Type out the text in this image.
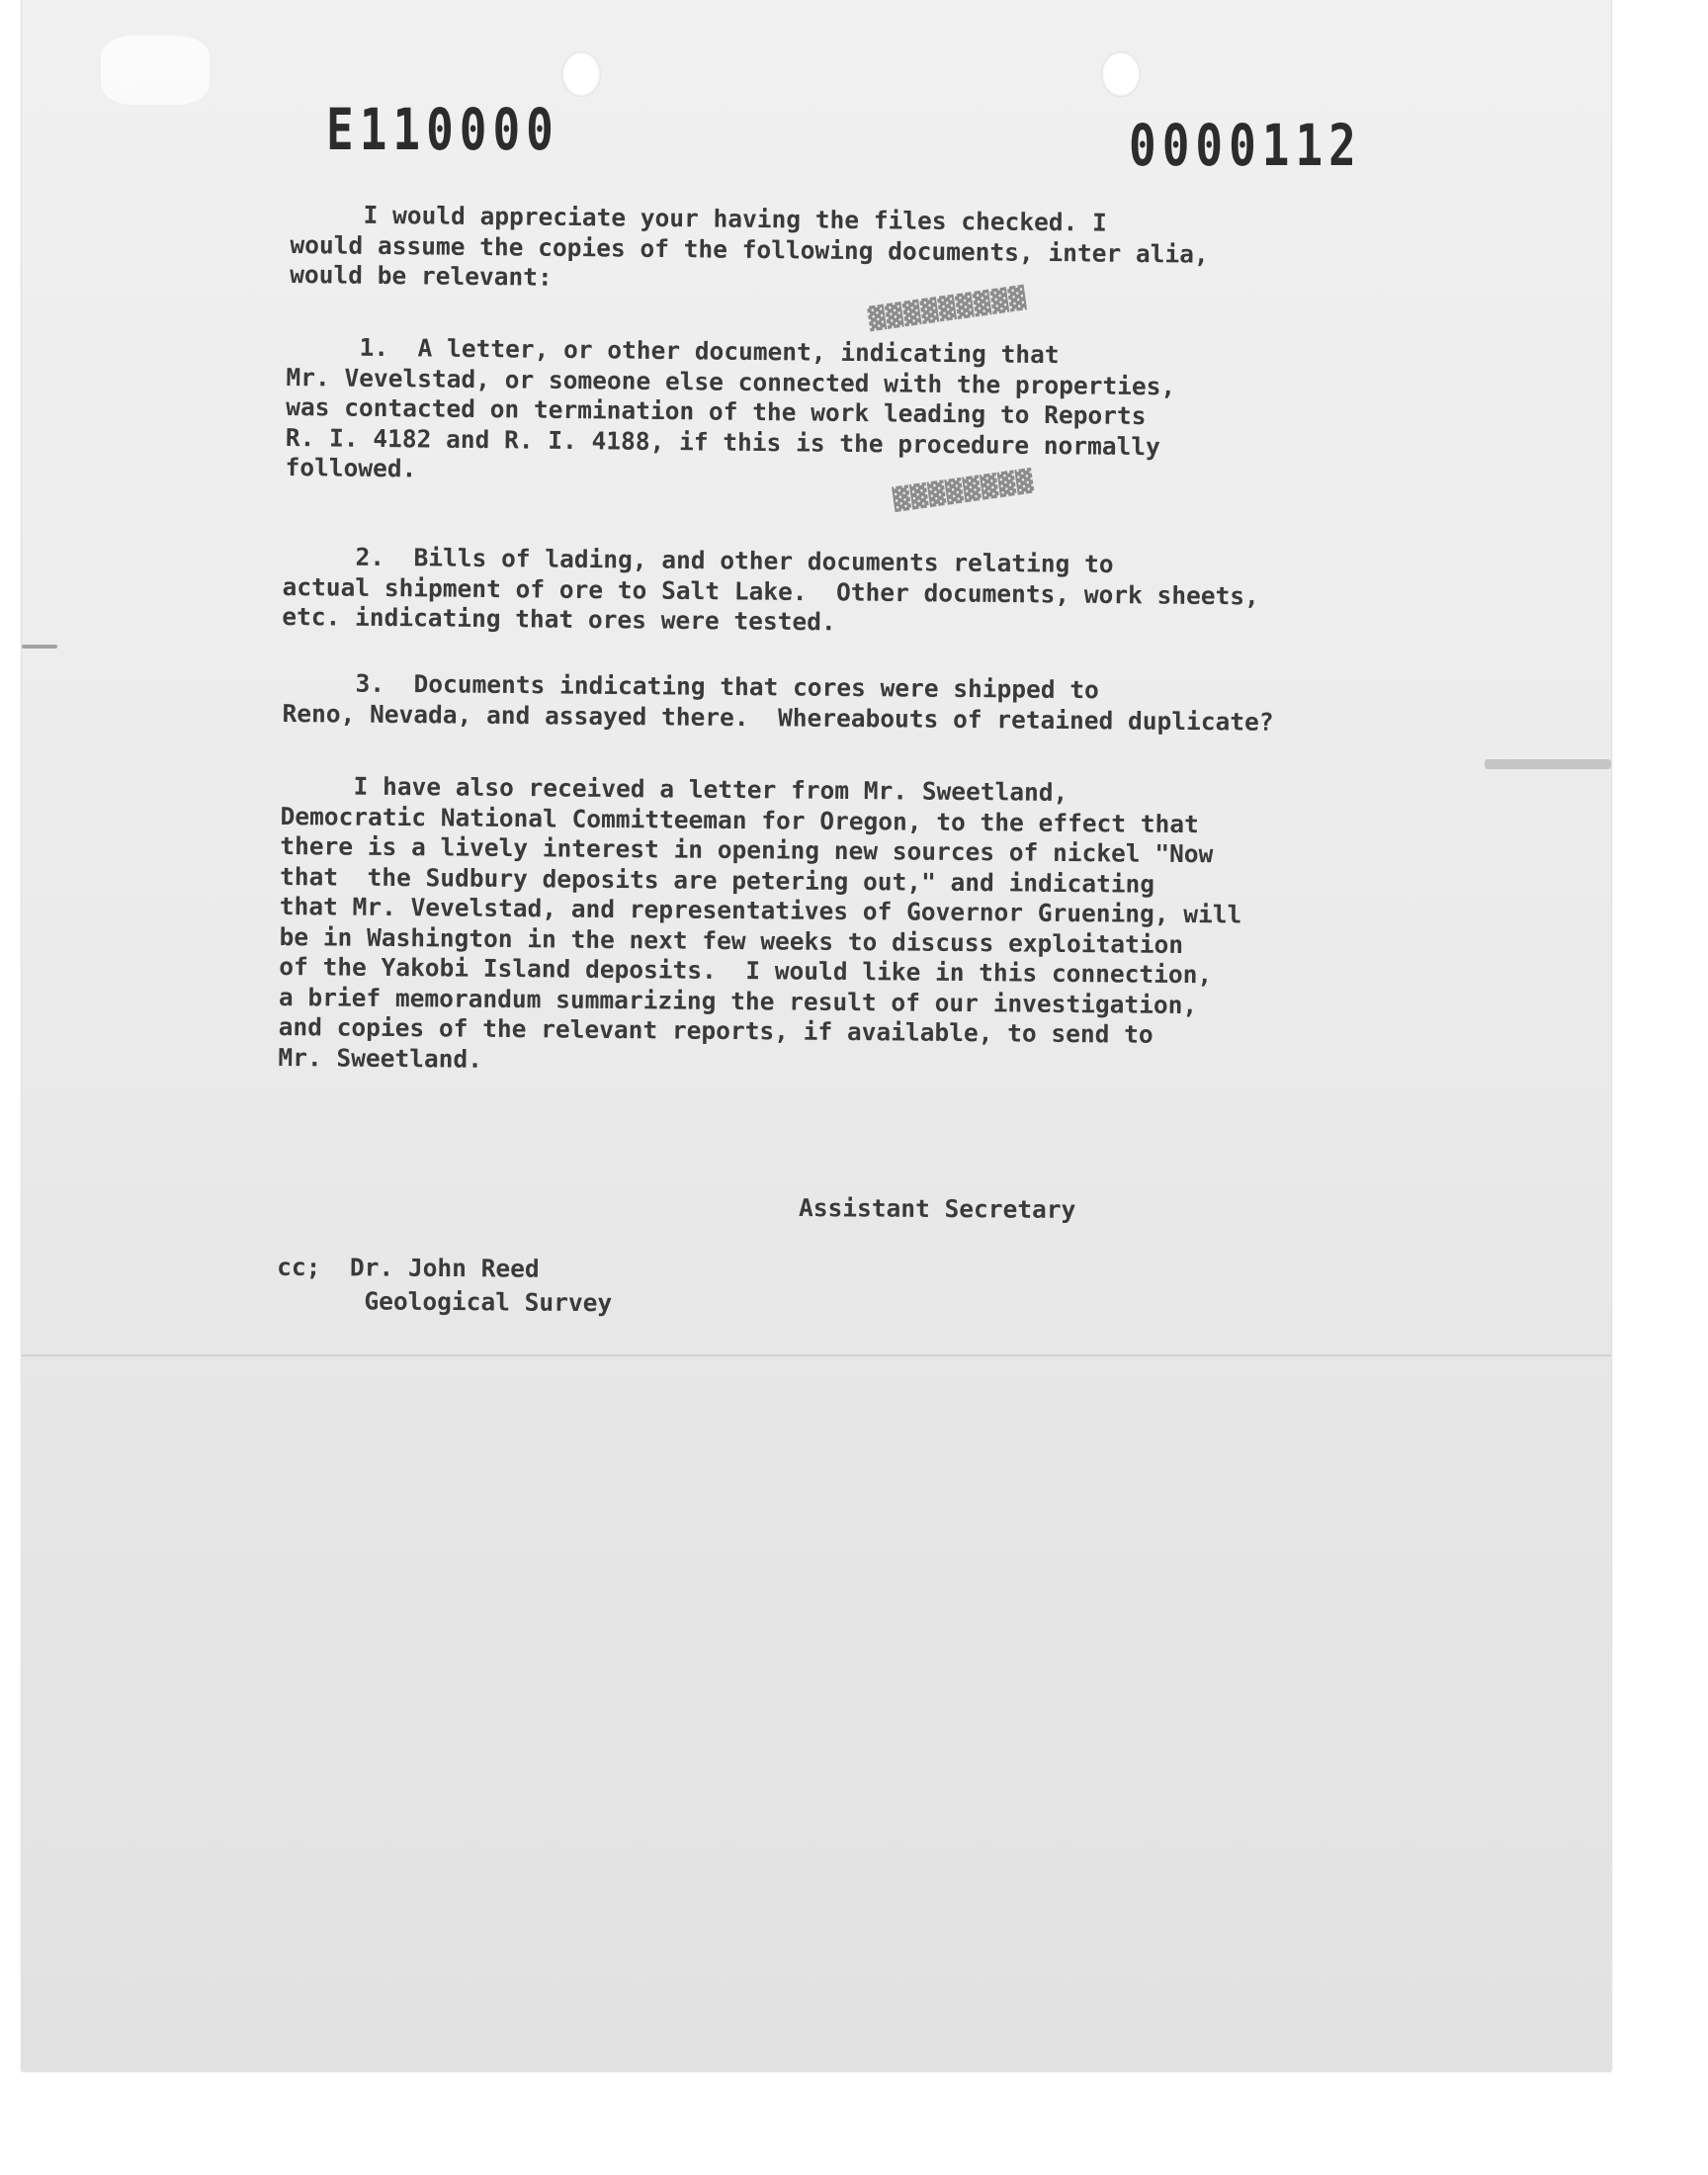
E110000	0000112
▓▓▓▓▓▓▓▓▓
▓▓▓▓▓▓▓▓

I would appreciate your having the files checked. I
would assume the copies of the following documents, inter alia,
would be relevant:

1.  A letter, or other document, indicating that
Mr. Vevelstad, or someone else connected with the properties,
was contacted on termination of the work leading to Reports
R. I. 4182 and R. I. 4188, if this is the procedure normally
followed.

2.  Bills of lading, and other documents relating to
actual shipment of ore to Salt Lake.  Other documents, work sheets,
etc. indicating that ores were tested.

3.  Documents indicating that cores were shipped to
Reno, Nevada, and assayed there.  Whereabouts of retained duplicate?

I have also received a letter from Mr. Sweetland,
Democratic National Committeeman for Oregon, to the effect that
there is a lively interest in opening new sources of nickel "Now
that  the Sudbury deposits are petering out," and indicating
that Mr. Vevelstad, and representatives of Governor Gruening, will
be in Washington in the next few weeks to discuss exploitation
of the Yakobi Island deposits.  I would like in this connection,
a brief memorandum summarizing the result of our investigation,
and copies of the relevant reports, if available, to send to
Mr. Sweetland.

Assistant Secretary

cc;  Dr. John Reed
Geological Survey
